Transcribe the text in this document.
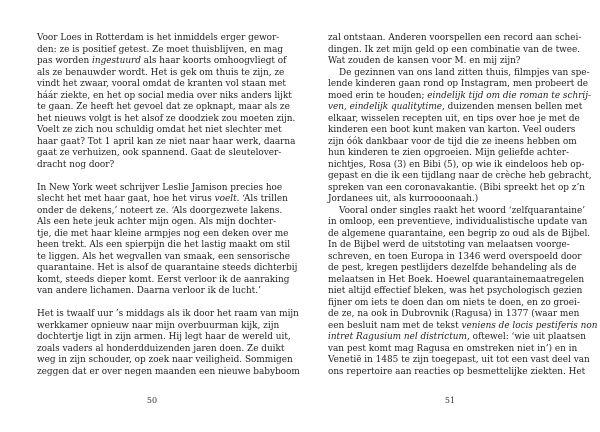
Voor Loes in Rotterdam is het inmiddels erger gewor-
den: ze is positief getest. Ze moet thuisblijven, en mag
pas worden ingestuurd als haar koorts omhoogvliegt of
als ze benauwder wordt. Het is gek om thuis te zijn, ze
vindt het zwaar, vooral omdat de kranten vol staan met
háár ziekte, en het op social media over niks anders lijkt
te gaan. Ze heeft het gevoel dat ze opknapt, maar als ze
het nieuws volgt is het alsof ze doodziek zou moeten zijn.
Voelt ze zich nou schuldig omdat het niet slechter met
haar gaat? Tot 1 april kan ze niet naar haar werk, daarna
gaat ze verhuizen, ook spannend. Gaat de sleutelover-
dracht nog door?
In New York weet schrijver Leslie Jamison precies hoe
slecht het met haar gaat, hoe het virus voelt. ‘Als trillen
onder de dekens,’ noteert ze. ‘Als doorgezwete lakens.
Als een hete jeuk achter mijn ogen. Als mijn dochter-
tje, die met haar kleine armpjes nog een deken over me
heen trekt. Als een spierpijn die het lastig maakt om stil
te liggen. Als het wegvallen van smaak, een sensorische
quarantaine. Het is alsof de quarantaine steeds dichterbij
komt, steeds dieper komt. Eerst verloor ik de aanraking
van andere lichamen. Daarna verloor ik de lucht.’
Het is twaalf uur ’s middags als ik door het raam van mijn
werkkamer opnieuw naar mijn overbuurman kijk, zijn
dochtertje ligt in zijn armen. Hij legt haar de wereld uit,
zoals vaders al honderdduizenden jaren doen. Ze duikt
weg in zijn schouder, op zoek naar veiligheid. Sommigen
zeggen dat er over negen maanden een nieuwe babyboom
50
zal ontstaan. Anderen voorspellen een record aan schei-
dingen. Ik zet mijn geld op een combinatie van de twee.
Wat zouden de kansen voor M. en mij zijn?
De gezinnen van ons land zitten thuis, filmpjes van spe-
lende kinderen gaan rond op Instagram, men probeert de
moed erin te houden; eindelijk tijd om die roman te schrij-
ven, eindelijk qualitytime, duizenden mensen bellen met
elkaar, wisselen recepten uit, en tips over hoe je met de
kinderen een boot kunt maken van karton. Veel ouders
zijn óók dankbaar voor de tijd die ze ineens hebben om
hun kinderen te zien opgroeien. Mijn geliefde achter-
nichtjes, Rosa (3) en Bibi (5), op wie ik eindeloos heb op-
gepast en die ik een tijdlang naar de crèche heb gebracht,
spreken van een coronavakantie. (Bibi spreekt het op z’n
Jordanees uit, als kurroooonaah.)
Vooral onder singles raakt het woord ‘zelfquarantaine’
in omloop, een preventieve, individualistische update van
de algemene quarantaine, een begrip zo oud als de Bijbel.
In de Bijbel werd de uitstoting van melaatsen voorge-
schreven, en toen Europa in 1346 werd overspoeld door
de pest, kregen pestlijders dezelfde behandeling als de
melaatsen in Het Boek. Hoewel quarantainemaatregelen
niet altijd effectief bleken, was het psychologisch gezien
fijner om iets te doen dan om niets te doen, en zo groei-
de ze, na ook in Dubrovnik (Ragusa) in 1377 (waar men
een besluit nam met de tekst veniens de locis pestiferis non
intret Ragusium nel districtum, oftewel: ‘wie uit plaatsen
van pest komt mag Ragusa en omstreken niet in’) en in
Venetië in 1485 te zijn toegepast, uit tot een vast deel van
ons repertoire aan reacties op besmettelijke ziekten. Het
51
